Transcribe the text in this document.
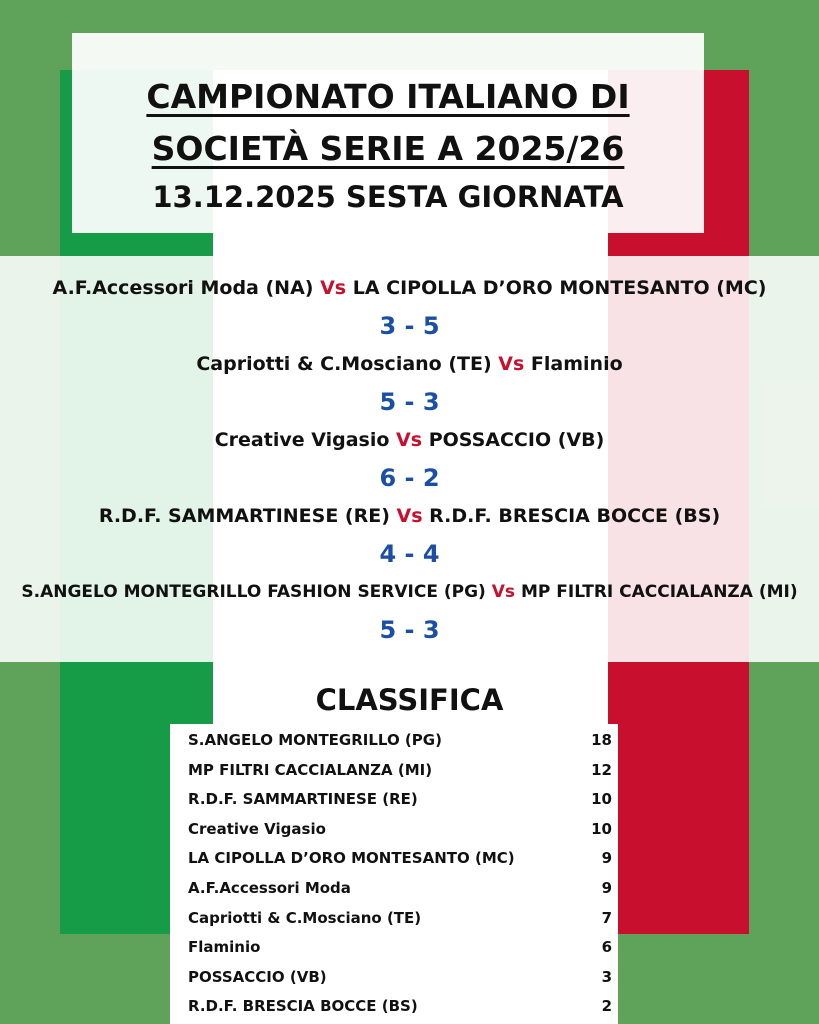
CAMPIONATO ITALIANO DI
SOCIETÀ SERIE A 2025/26
13.12.2025 SESTA GIORNATA
A.F.Accessori Moda (NA) Vs LA CIPOLLA D’ORO MONTESANTO (MC)
3 - 5
Capriotti & C.Mosciano (TE) Vs Flaminio
5 - 3
Creative Vigasio Vs POSSACCIO (VB)
6 - 2
R.D.F. SAMMARTINESE (RE) Vs R.D.F. BRESCIA BOCCE (BS)
4 - 4
S.ANGELO MONTEGRILLO FASHION SERVICE (PG) Vs MP FILTRI CACCIALANZA (MI)
5 - 3
CLASSIFICA
S.ANGELO MONTEGRILLO (PG)	18
MP FILTRI CACCIALANZA (MI)	12
R.D.F. SAMMARTINESE (RE)	10
Creative Vigasio	10
LA CIPOLLA D’ORO MONTESANTO (MC)	9
A.F.Accessori Moda	9
Capriotti & C.Mosciano (TE)	7
Flaminio	6
POSSACCIO (VB)	3
R.D.F. BRESCIA BOCCE (BS)	2
